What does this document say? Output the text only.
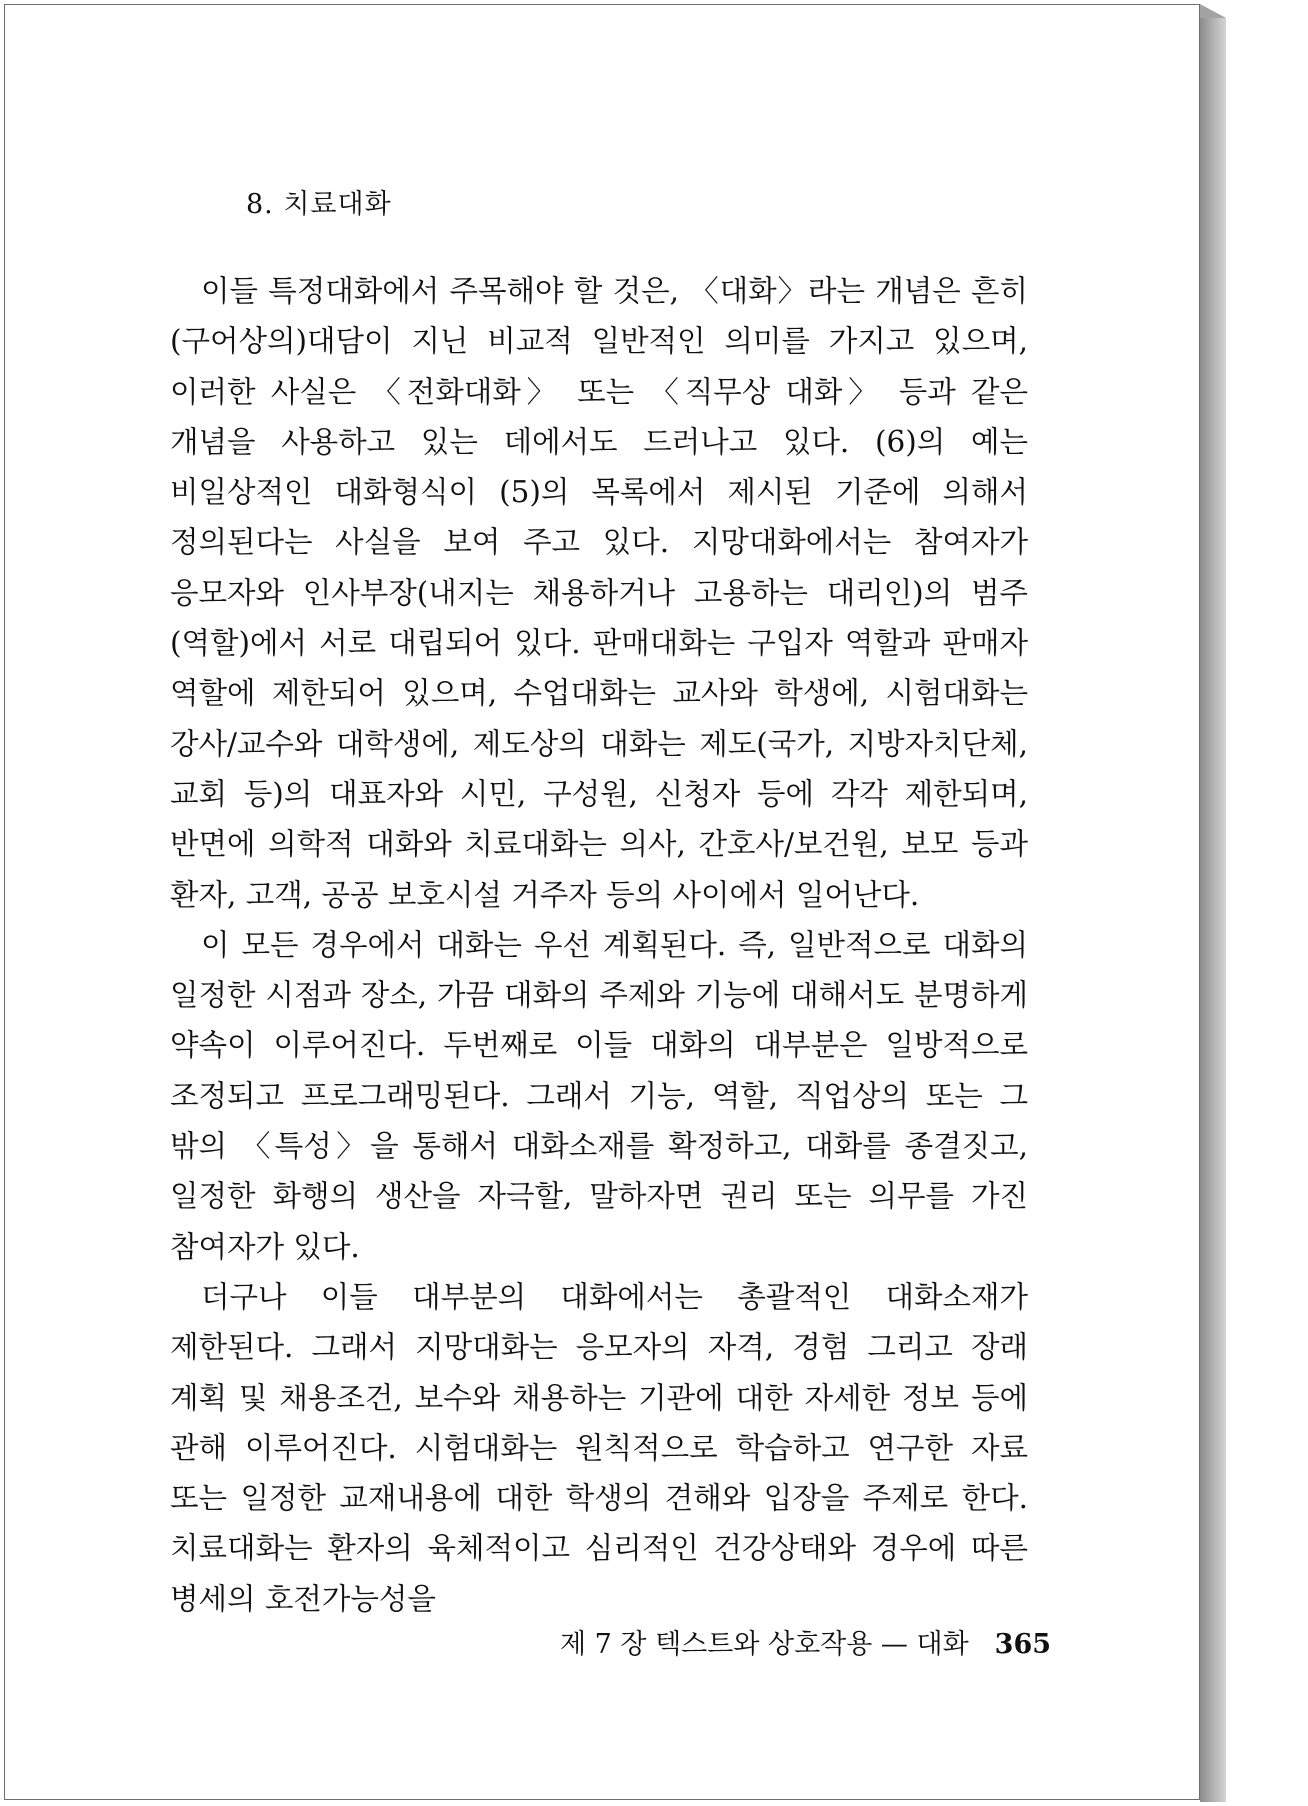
8. 치료대화

이들 특정대화에서 주목해야 할 것은, 〈대화〉라는 개념은 흔히 (구어상의)대담이 지닌 비교적 일반적인 의미를 가지고 있으며, 이러한 사실은 〈전화대화〉 또는 〈직무상 대화〉 등과 같은 개념을 사용하고 있는 데에서도 드러나고 있다. (6)의 예는 비일상적인 대화형식이 (5)의 목록에서 제시된 기준에 의해서 정의된다는 사실을 보여 주고 있다. 지망대화에서는 참여자가 응모자와 인사부장(내지는 채용하거나 고용하는 대리인)의 범주(역할)에서 서로 대립되어 있다. 판매대화는 구입자 역할과 판매자 역할에 제한되어 있으며, 수업대화는 교사와 학생에, 시험대화는 강사/교수와 대학생에, 제도상의 대화는 제도(국가, 지방자치단체, 교회 등)의 대표자와 시민, 구성원, 신청자 등에 각각 제한되며, 반면에 의학적 대화와 치료대화는 의사, 간호사/보건원, 보모 등과 환자, 고객, 공공 보호시설 거주자 등의 사이에서 일어난다.

이 모든 경우에서 대화는 우선 계획된다. 즉, 일반적으로 대화의 일정한 시점과 장소, 가끔 대화의 주제와 기능에 대해서도 분명하게 약속이 이루어진다. 두번째로 이들 대화의 대부분은 일방적으로 조정되고 프로그래밍된다. 그래서 기능, 역할, 직업상의 또는 그 밖의 〈특성〉을 통해서 대화소재를 확정하고, 대화를 종결짓고, 일정한 화행의 생산을 자극할, 말하자면 권리 또는 의무를 가진 참여자가 있다.

더구나 이들 대부분의 대화에서는 총괄적인 대화소재가 제한된다. 그래서 지망대화는 응모자의 자격, 경험 그리고 장래 계획 및 채용조건, 보수와 채용하는 기관에 대한 자세한 정보 등에 관해 이루어진다. 시험대화는 원칙적으로 학습하고 연구한 자료 또는 일정한 교재내용에 대한 학생의 견해와 입장을 주제로 한다. 치료대화는 환자의 육체적이고 심리적인 건강상태와 경우에 따른 병세의 호전가능성을

제 7 장 텍스트와 상호작용 — 대화 365
